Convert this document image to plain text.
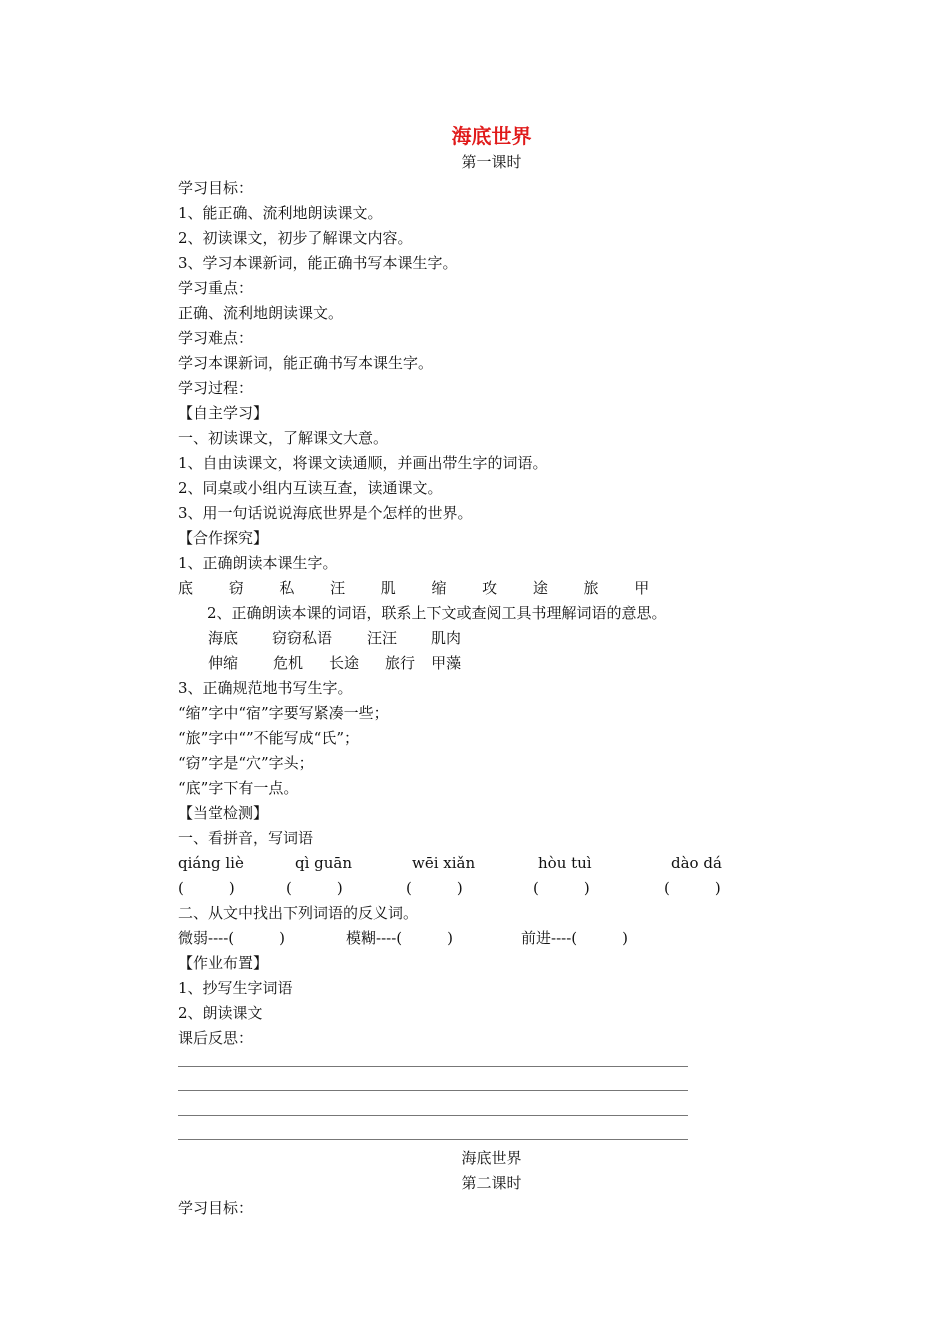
海底世界
第一课时
学习目标：
1、能正确、流利地朗读课文。
2、初读课文，初步了解课文内容。
3、学习本课新词，能正确书写本课生字。
学习重点：
正确、流利地朗读课文。
学习难点：
学习本课新词，能正确书写本课生字。
学习过程：
【自主学习】
一、初读课文，了解课文大意。
1、自由读课文，将课文读通顺，并画出带生字的词语。
2、同桌或小组内互读互查，读通课文。
3、用一句话说说海底世界是个怎样的世界。
【合作探究】
1、正确朗读本课生字。
底	窃	私	汪	肌	缩	攻	途	旅	甲
2、正确朗读本课的词语，联系上下文或查阅工具书理解词语的意思。
海底 窃窃私语 汪汪 肌肉
伸缩 危机 长途 旅行 甲藻
3、正确规范地书写生字。
“缩”字中“宿”字要写紧凑一些；
“旅”字中“”不能写成“氏”；
“窃”字是“穴”字头；
“底”字下有一点。
【当堂检测】
一、看拼音，写词语
qiáng liè	qì guān	wēi xiǎn	hòu tuì	dào dá
(　　　)	(　　　)	(　　　)	(　　　)	(　　　)
二、从文中找出下列词语的反义词。
微弱----(　　　)	模糊----(　　　)	前进----(　　　)
【作业布置】
1、抄写生字词语
2、朗读课文
课后反思：
海底世界
第二课时
学习目标：
